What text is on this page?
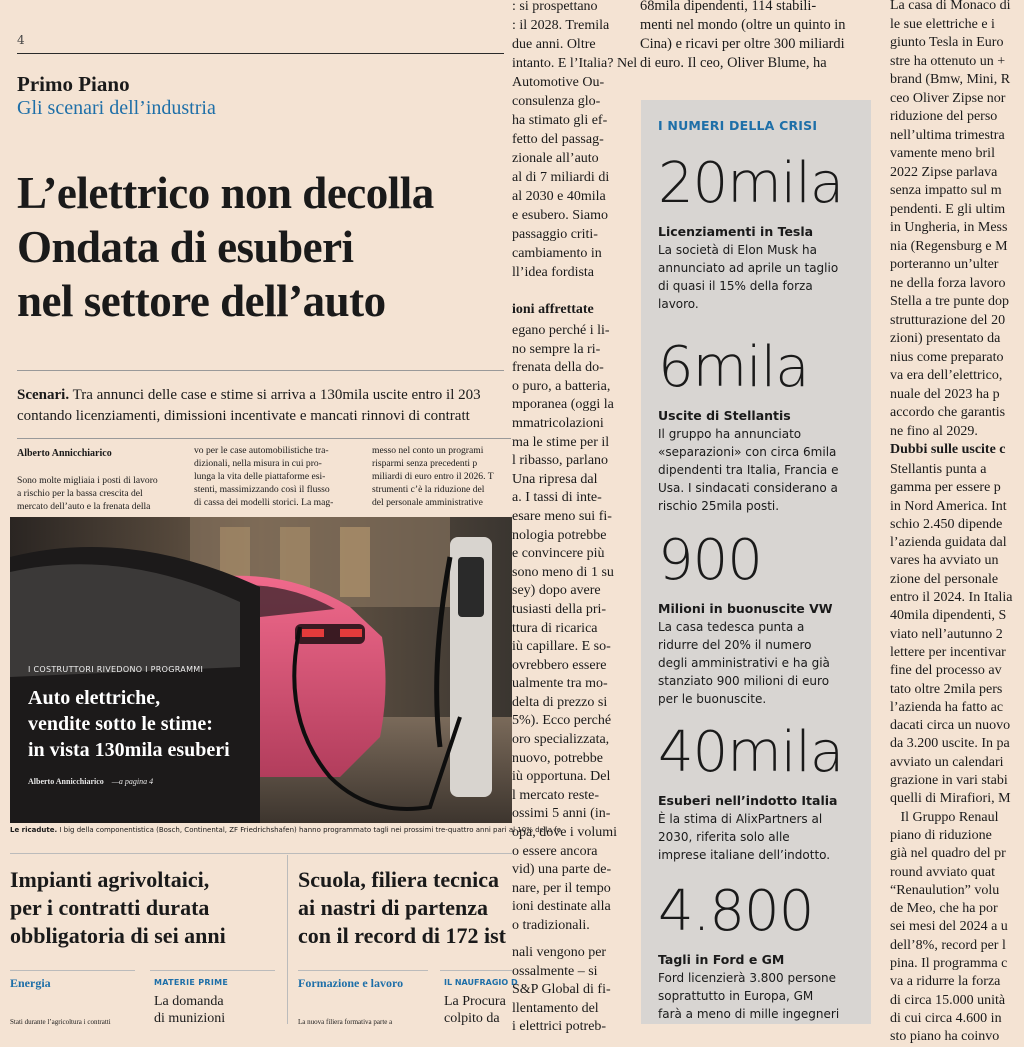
4
Primo Piano
Gli scenari dell’industria
L’elettrico non decolla
Ondata di esuberi
nel settore dell’auto
Scenari. Tra annunci delle case e stime si arriva a 130mila uscite entro il 203
contando licenziamenti, dimissioni incentivate e mancati rinnovi di contratt
Alberto Annicchiarico
Sono molte migliaia i posti di lavoro
a rischio per la bassa crescita del
mercato dell’auto e la frenata della
vo per le case automobilistiche tra-
dizionali, nella misura in cui pro-
lunga la vita delle piattaforme esi-
stenti, massimizzando così il flusso
di cassa dei modelli storici. La mag-
messo nel conto un programi
risparmi senza precedenti p
miliardi di euro entro il 2026. T
strumenti c’è la riduzione del
del personale amministrative
I COSTRUTTORI RIVEDONO I PROGRAMMI
Auto elettriche,
vendite sotto le stime:
in vista 130mila esuberi
Alberto Annicchiarico —a pagina 4
Le ricadute. I big della componentistica (Bosch, Continental, ZF Friedrichshafen) hanno programmato tagli nei prossimi tre-quattro anni pari al 10% della fo
Impianti agrivoltaici,
per i contratti durata
obbligatoria di sei anni
Scuola, filiera tecnica
ai nastri di partenza
con il record di 172 ist
Energia
Stati durante l’agricoltura i contratti
MATERIE PRIME
La domanda
di munizioni
Formazione e lavoro
La nuova filiera formativa parte a
IL NAUFRAGIO D
La Procura
colpito da
: si prospettano
: il 2028. Tremila
due anni. Oltre
intanto. E l’Italia? Nel
Automotive Ou-
consulenza glo-
ha stimato gli ef-
fetto del passag-
zionale all’auto
al di 7 miliardi di
al 2030 e 40mila
e esubero. Siamo
passaggio criti-
cambiamento in
ll’idea fordista
ioni affrettate
egano perché i li-
no sempre la ri-
frenata della do-
o puro, a batteria,
mporanea (oggi la
mmatricolazioni
ma le stime per il
l ribasso, parlano
Una ripresa dal
a. I tassi di inte-
esare meno sui fi-
nologia potrebbe
e convincere più
sono meno di 1 su
sey) dopo avere
tusiasti della pri-
ttura di ricarica
iù capillare. E so-
ovrebbero essere
ualmente tra mo-
delta di prezzo si
5%). Ecco perché
oro specializzata,
nuovo, potrebbe
iù opportuna. Del
l mercato reste-
ossimi 5 anni (in-
opa, dove i volumi
o essere ancora
vid) una parte de-
nare, per il tempo
ioni destinate alla
o tradizionali.
nali vengono per
ossalmente – si
S&P Global di fi-
llentamento del
i elettrici potreb-
68mila dipendenti, 114 stabili-
menti nel mondo (oltre un quinto in
Cina) e ricavi per oltre 300 miliardi
di euro. Il ceo, Oliver Blume, ha
I NUMERI DELLA CRISI
20mila
Licenziamenti in Tesla
La società di Elon Musk ha
annunciato ad aprile un taglio
di quasi il 15% della forza
lavoro.
6mila
Uscite di Stellantis
Il gruppo ha annunciato
«separazioni» con circa 6mila
dipendenti tra Italia, Francia e
Usa. I sindacati considerano a
rischio 25mila posti.
900
Milioni in buonuscite VW
La casa tedesca punta a
ridurre del 20% il numero
degli amministrativi e ha già
stanziato 900 milioni di euro
per le buonuscite.
40mila
Esuberi nell’indotto Italia
È la stima di AlixPartners al
2030, riferita solo alle
imprese italiane dell’indotto.
4.800
Tagli in Ford e GM
Ford licenzierà 3.800 persone
soprattutto in Europa, GM
farà a meno di mille ingegneri
La casa di Monaco di
le sue elettriche e i
giunto Tesla in Euro
stre ha ottenuto un +
brand (Bmw, Mini, R
ceo Oliver Zipse nor
riduzione del perso
nell’ultima trimestra
vamente meno bril
2022 Zipse parlava
senza impatto sul m
pendenti. E gli ultim
in Ungheria, in Mess
nia (Regensburg e M
porteranno un’ulter
ne della forza lavoro
Stella a tre punte dop
strutturazione del 20
zioni) presentato da
nius come preparato
va era dell’elettrico,
nuale del 2023 ha p
accordo che garantis
ne fino al 2029.
Dubbi sulle uscite c
Stellantis punta a
gamma per essere p
in Nord America. Int
schio 2.450 dipende
l’azienda guidata dal
vares ha avviato un
zione del personale
entro il 2024. In Italia
40mila dipendenti, S
viato nell’autunno 2
lettere per incentivar
fine del processo av
tato oltre 2mila pers
l’azienda ha fatto ac
dacati circa un nuovo
da 3.200 uscite. In pa
avviato un calendari
grazione in vari stabi
quelli di Mirafiori, M
Il Gruppo Renaul
piano di riduzione
già nel quadro del pr
round avviato quat
“Renaulution” volu
de Meo, che ha por
sei mesi del 2024 a u
dell’8%, record per l
pina. Il programma c
va a ridurre la forza
di circa 15.000 unità
di cui circa 4.600 in
sto piano ha coinvo
